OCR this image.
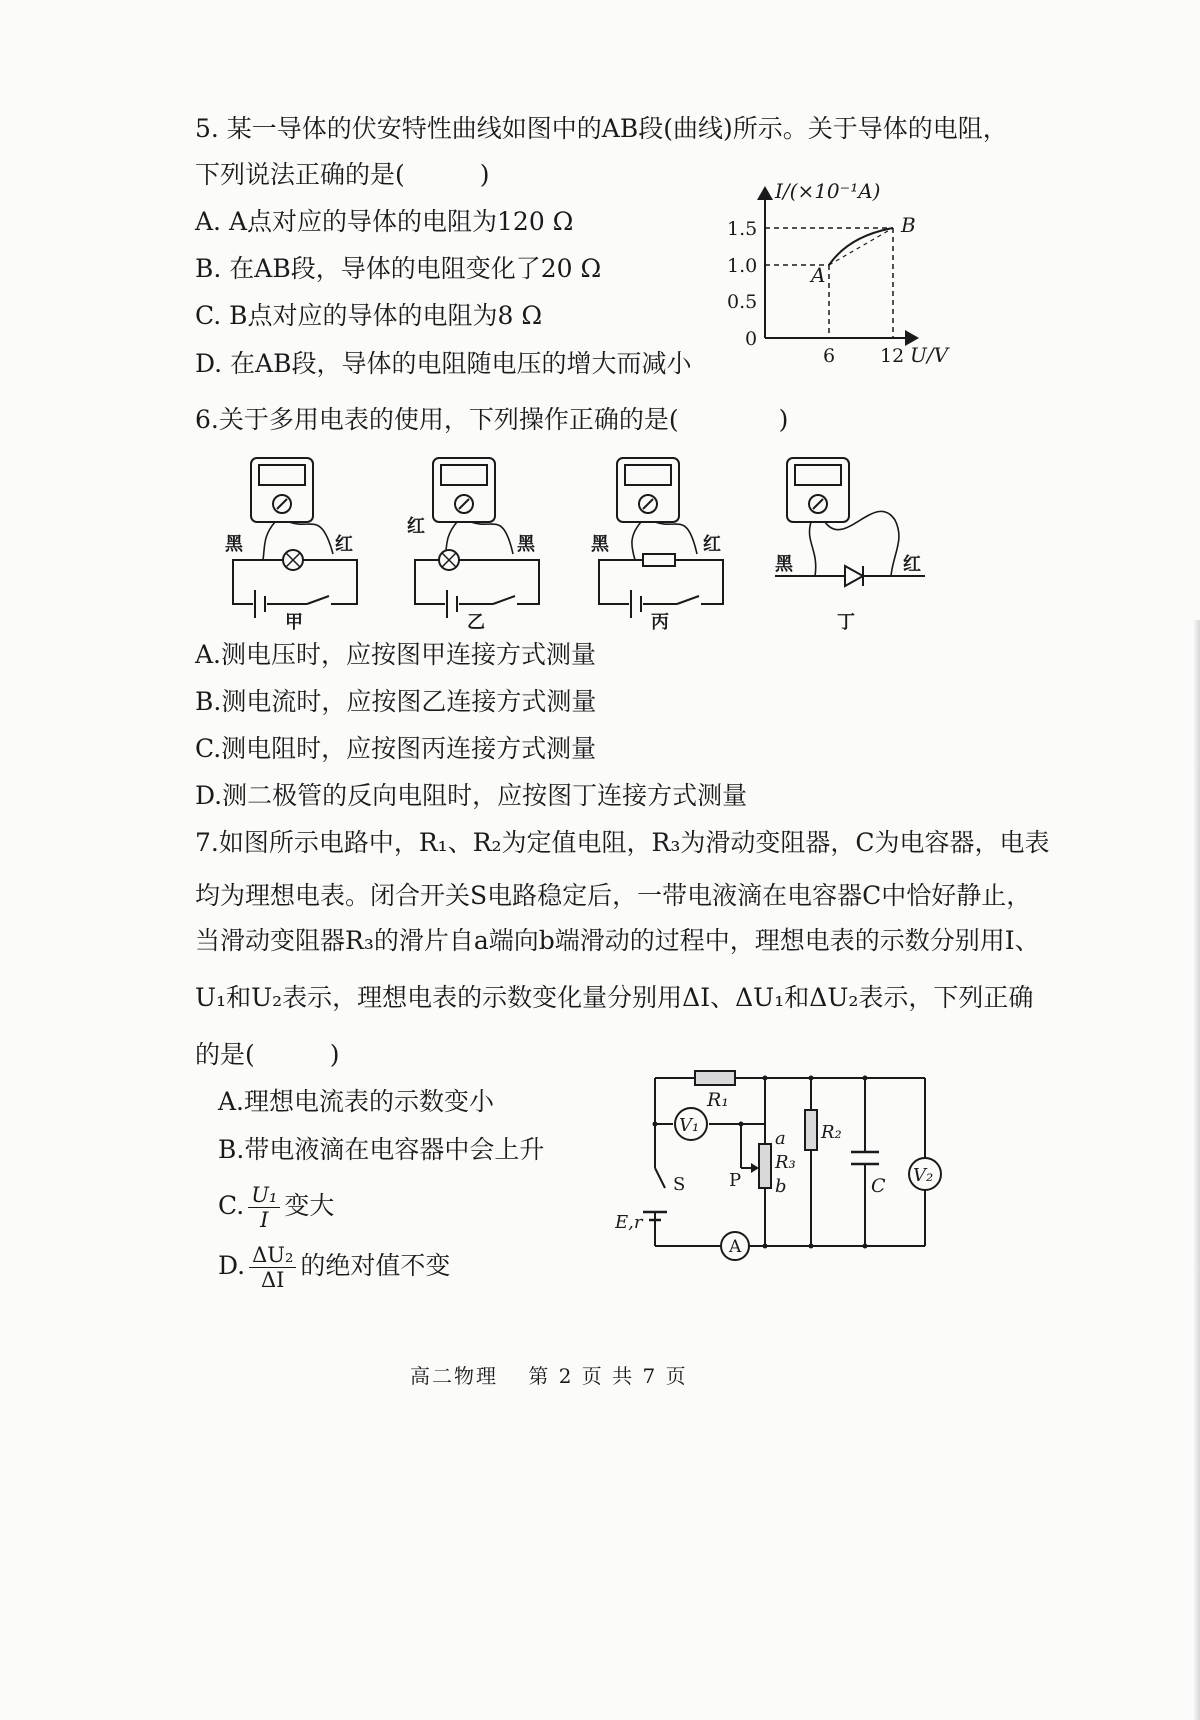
5. 某一导体的伏安特性曲线如图中的AB段(曲线)所示。关于导体的电阻，
下列说法正确的是(　　　)
A. A点对应的导体的电阻为120 Ω
B. 在AB段，导体的电阻变化了20 Ω
C. B点对应的导体的电阻为8 Ω
D. 在AB段，导体的电阻随电压的增大而减小
I/(×10⁻¹A)
1.5
1.0
0.5
0
6 12 U/V
A
B
6.关于多用电表的使用，下列操作正确的是(　　　　)
黑	红
甲
红
黑
乙
黑	红
丙
黑	红
丁
A.测电压时，应按图甲连接方式测量
B.测电流时，应按图乙连接方式测量
C.测电阻时，应按图丙连接方式测量
D.测二极管的反向电阻时，应按图丁连接方式测量
7.如图所示电路中，R₁、R₂为定值电阻，R₃为滑动变阻器，C为电容器，电表
均为理想电表。闭合开关S电路稳定后，一带电液滴在电容器C中恰好静止，
当滑动变阻器R₃的滑片自a端向b端滑动的过程中，理想电表的示数分别用I、
U₁和U₂表示，理想电表的示数变化量分别用ΔI、ΔU₁和ΔU₂表示，下列正确
的是(　　　)
A.理想电流表的示数变小
B.带电液滴在电容器中会上升
C. $\frac{\text{U₁}}{I}$ 变大
D. $\frac{\text{ΔU₂}}{\Delta I}$ 的绝对值不变
R₁
V₁
P
a
R₃
b
R₂
C V₂
S
E,r
A
高二物理　 第 2 页 共 7 页
